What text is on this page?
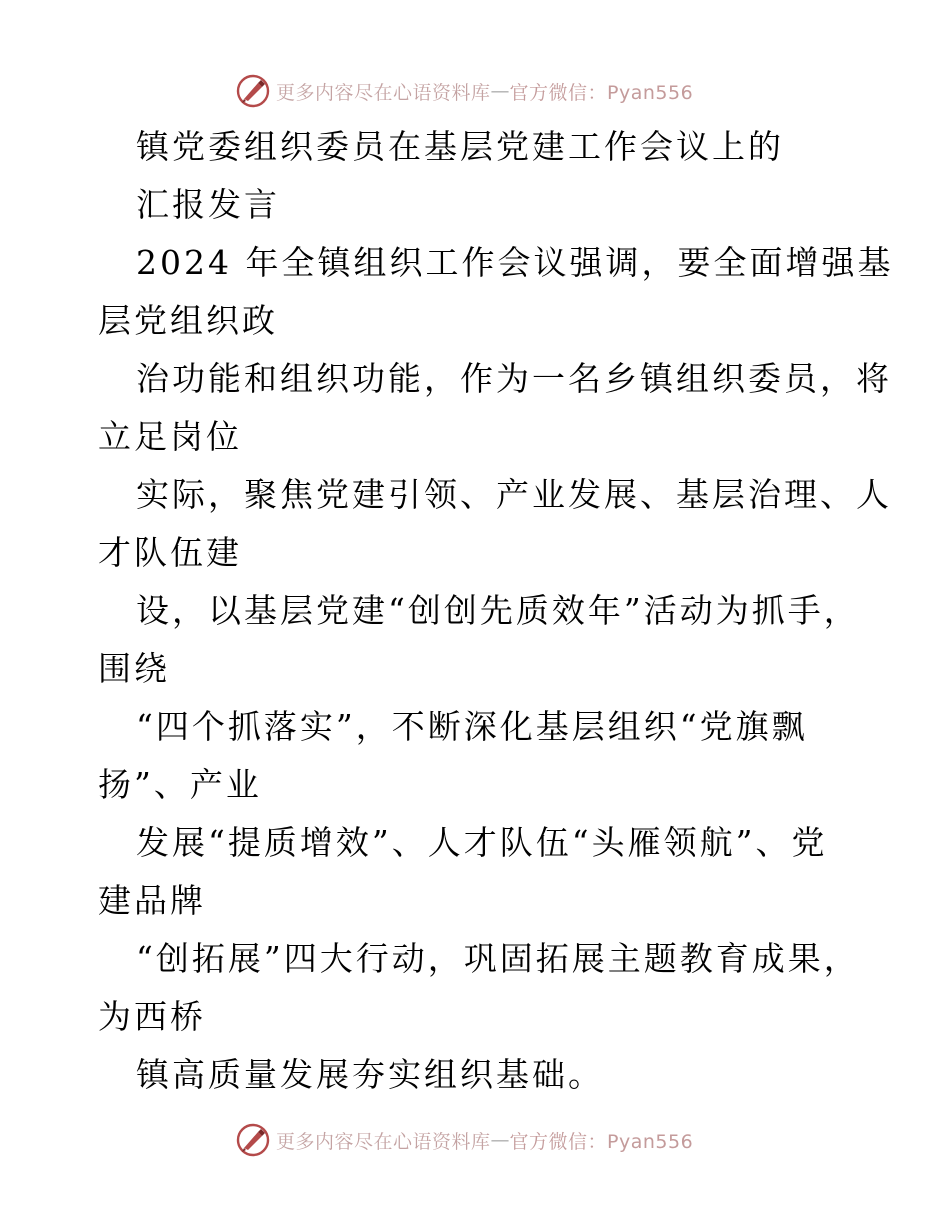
更多内容尽在心语资料库 — 官方微信：Pyan556
镇党委组织委员在基层党建工作会议上的
汇报发言
2024 年全镇组织工作会议强调，要全面增强基
层党组织政
治功能和组织功能，作为一名乡镇组织委员，将
立足岗位
实际，聚焦党建引领、产业发展、基层治理、人
才队伍建
设，以基层党建“创创先质效年”活动为抓手，
围绕
“四个抓落实”，不断深化基层组织“党旗飘
扬”、产业
发展“提质增效”、人才队伍“头雁领航”、党
建品牌
“创拓展”四大行动，巩固拓展主题教育成果，
为西桥
镇高质量发展夯实组织基础。
更多内容尽在心语资料库 — 官方微信：Pyan556
